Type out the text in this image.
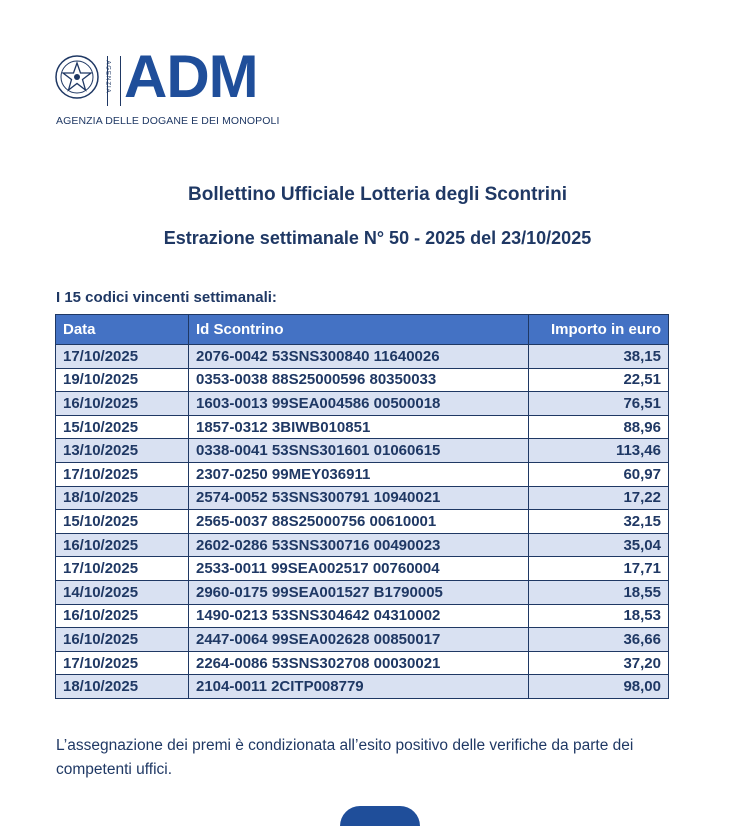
AGENZIA ADM
AGENZIA DELLE DOGANE E DEI MONOPOLI
Bollettino Ufficiale Lotteria degli Scontrini
Estrazione settimanale N° 50 - 2025 del 23/10/2025
I 15 codici vincenti settimanali:
Data	Id Scontrino	Importo in euro
17/10/2025	2076-0042 53SNS300840 11640026	38,15
19/10/2025	0353-0038 88S25000596 80350033	22,51
16/10/2025	1603-0013 99SEA004586 00500018	76,51
15/10/2025	1857-0312 3BIWB010851	88,96
13/10/2025	0338-0041 53SNS301601 01060615	113,46
17/10/2025	2307-0250 99MEY036911	60,97
18/10/2025	2574-0052 53SNS300791 10940021	17,22
15/10/2025	2565-0037 88S25000756 00610001	32,15
16/10/2025	2602-0286 53SNS300716 00490023	35,04
17/10/2025	2533-0011 99SEA002517 00760004	17,71
14/10/2025	2960-0175 99SEA001527 B1790005	18,55
16/10/2025	1490-0213 53SNS304642 04310002	18,53
16/10/2025	2447-0064 99SEA002628 00850017	36,66
17/10/2025	2264-0086 53SNS302708 00030021	37,20
18/10/2025	2104-0011 2CITP008779	98,00
L’assegnazione dei premi è condizionata all’esito positivo delle verifiche da parte dei competenti uffici.
